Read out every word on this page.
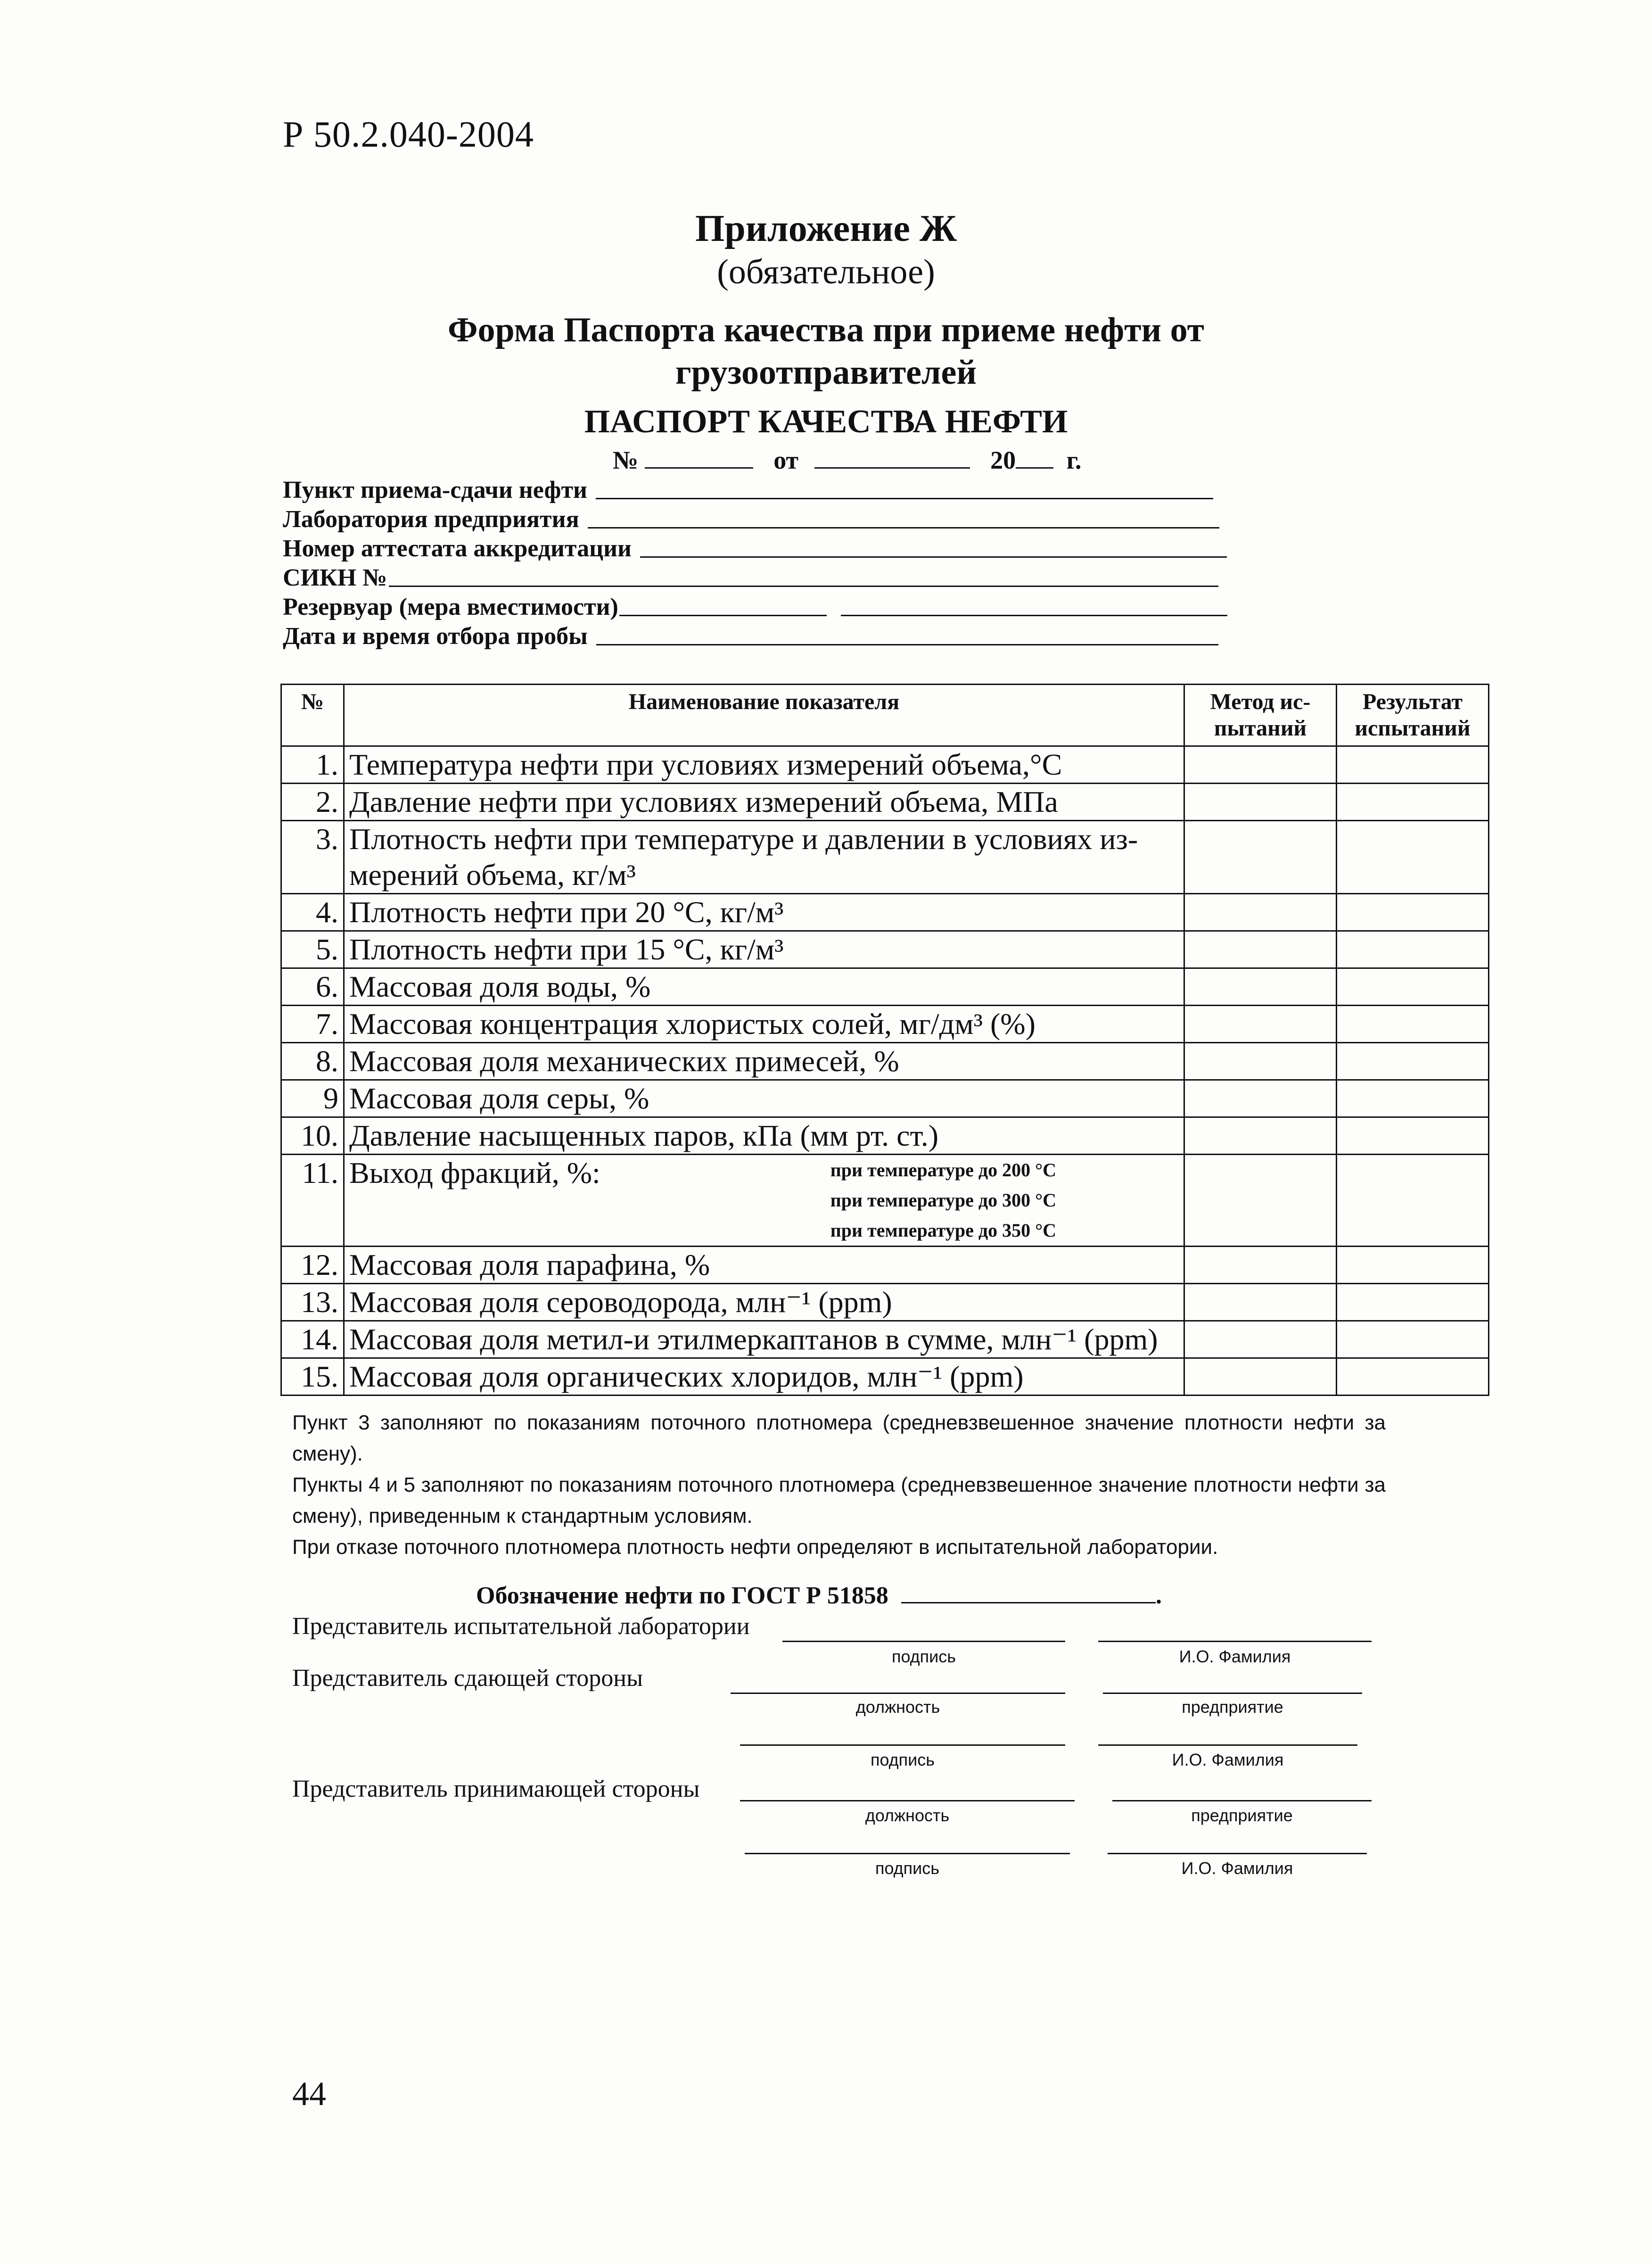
Р 50.2.040-2004
Приложение Ж
(обязательное)
Форма Паспорта качества при приеме нефти от
грузоотправителей
ПАСПОРТ КАЧЕСТВА НЕФТИ
№	от	20 г.
Пункт приема-сдачи нефти
Лаборатория предприятия
Номер аттестата аккредитации
СИКН №
Резервуар (мера вместимости)
Дата и время отбора пробы
№	Наименование показателя	Метод ис-пытаний	Результат испытаний
1.	Температура нефти при условиях измерений объема,°С		
2.	Давление нефти при условиях измерений объема, МПа		
3.	Плотность нефти при температуре и давлении в условиях из-мерений объема, кг/м³		
4.	Плотность нефти при 20 °С, кг/м³		
5.	Плотность нефти при 15 °С, кг/м³		
6.	Массовая доля воды, %		
7.	Массовая концентрация хлористых солей, мг/дм³ (%)		
8.	Массовая доля механических примесей, %		
9	Массовая доля серы, %		
10.	Давление насыщенных паров, кПа (мм рт. ст.)		
11.	Выход фракций, %: при температуре до 200 °С
при температуре до 300 °С
при температуре до 350 °С		

12.	Массовая доля парафина, %		
13.	Массовая доля сероводорода, млн⁻¹ (ppm)		
14.	Массовая доля метил-и этилмеркаптанов в сумме, млн⁻¹ (ppm)		
15.	Массовая доля органических хлоридов, млн⁻¹ (ppm)		

Пункт 3 заполняют по показаниям поточного плотномера (средневзвешенное значение плотности нефти за смену).

Пункты 4 и 5 заполняют по показаниям поточного плотномера (средневзвешенное значение плотности нефти за смену), приведенным к стандартным условиям.

При отказе поточного плотномера плотность нефти определяют в испытательной лаборатории.

Обозначение нефти по ГОСТ Р 51858	.
Представитель испытательной лаборатории
подпись	И.О. Фамилия
Представитель сдающей стороны
должность	предприятие
подпись	И.О. Фамилия
Представитель принимающей стороны
должность	предприятие
подпись	И.О. Фамилия
44
